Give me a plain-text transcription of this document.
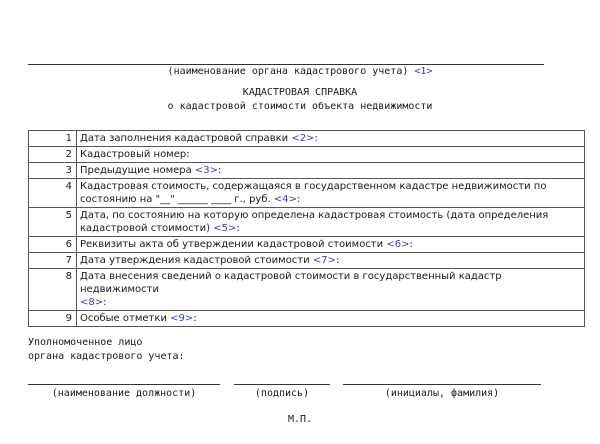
(наименование органа кадастрового учета) <1>
КАДАСТРОВАЯ СПРАВКА
о кадастровой стоимости объекта недвижимости
1	Дата заполнения кадастровой справки <2>:
2	Кадастровый номер:
3	Предыдущие номера <3>:
4	Кадастровая стоимость, содержащаяся в государственном кадастре недвижимости по
состоянию на "__" ______ ____ г., руб. <4>:

5	Дата, по состоянию на которую определена кадастровая стоимость (дата определения
кадастровой стоимости) <5>:

6	Реквизиты акта об утверждении кадастровой стоимости <6>:
7	Дата утверждения кадастровой стоимости <7>:
8	Дата внесения сведений о кадастровой стоимости в государственный кадастр недвижимости
<8>:

9	Особые отметки <9>:
Уполномоченное лицо
органа кадастрового учета:
(наименование должности)	(подпись)	(инициалы, фамилия)
М.П.
